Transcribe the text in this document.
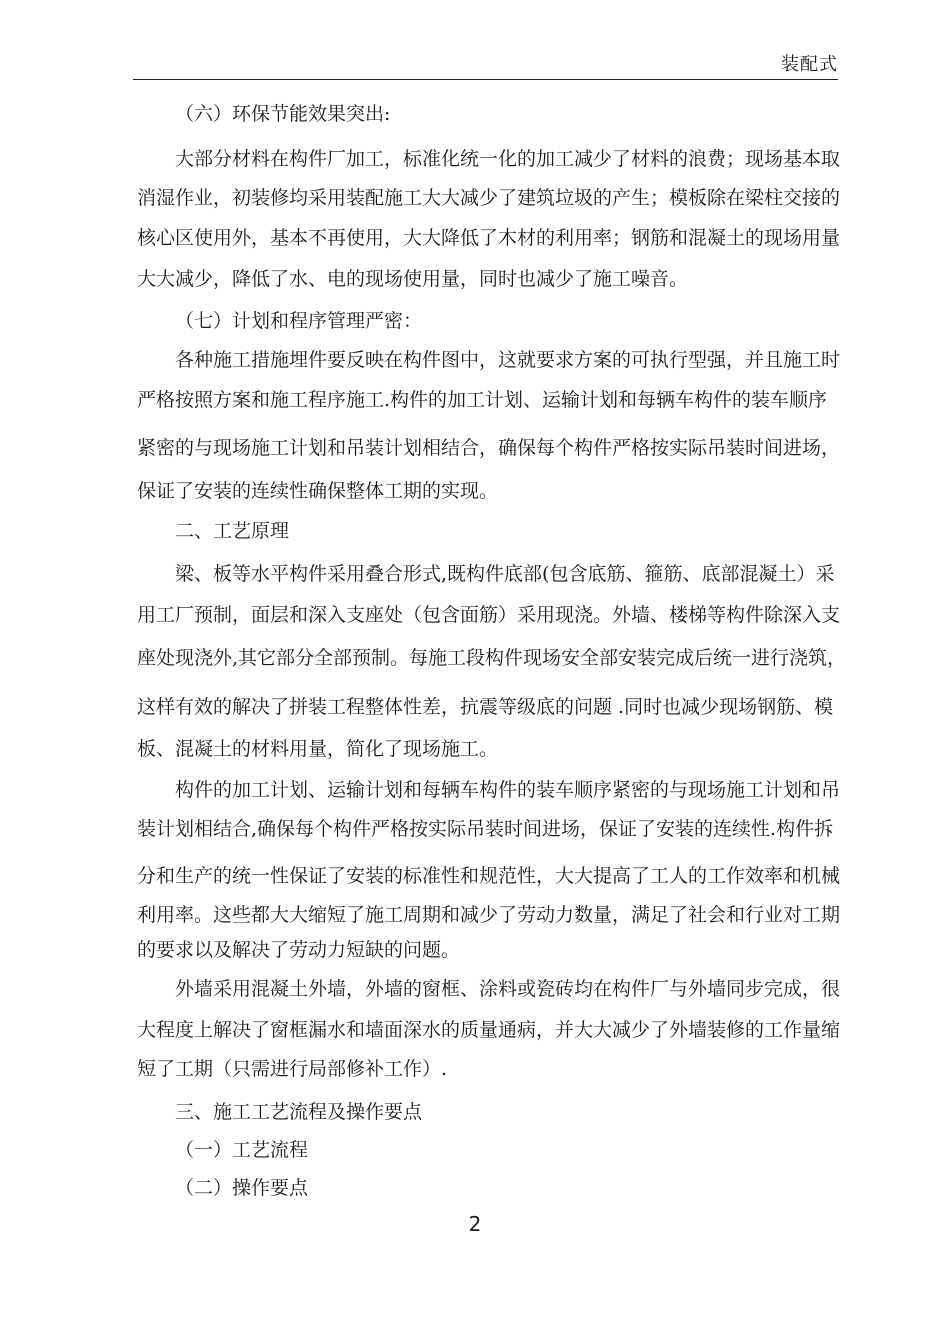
装配式
（六）环保节能效果突出:
大部分材料在构件厂加工，标准化统一化的加工减少了材料的浪费；现场基本取
消湿作业，初装修均采用装配施工大大减少了建筑垃圾的产生；模板除在梁柱交接的
核心区使用外，基本不再使用，大大降低了木材的利用率；钢筋和混凝土的现场用量
大大减少，降低了水、电的现场使用量，同时也减少了施工噪音。
（七）计划和程序管理严密：
各种施工措施埋件要反映在构件图中，这就要求方案的可执行型强，并且施工时
严格按照方案和施工程序施工.构件的加工计划、运输计划和每辆车构件的装车顺序
紧密的与现场施工计划和吊装计划相结合，确保每个构件严格按实际吊装时间进场，
保证了安装的连续性确保整体工期的实现。
二、工艺原理
梁、板等水平构件采用叠合形式,既构件底部(包含底筋、箍筋、底部混凝土）采
用工厂预制，面层和深入支座处（包含面筋）采用现浇。外墙、楼梯等构件除深入支
座处现浇外,其它部分全部预制。每施工段构件现场安全部安装完成后统一进行浇筑，
这样有效的解决了拼装工程整体性差，抗震等级底的问题 .同时也减少现场钢筋、模
板、混凝土的材料用量，简化了现场施工。
构件的加工计划、运输计划和每辆车构件的装车顺序紧密的与现场施工计划和吊
装计划相结合,确保每个构件严格按实际吊装时间进场，保证了安装的连续性.构件拆
分和生产的统一性保证了安装的标准性和规范性，大大提高了工人的工作效率和机械
利用率。这些都大大缩短了施工周期和减少了劳动力数量，满足了社会和行业对工期
的要求以及解决了劳动力短缺的问题。
外墙采用混凝土外墙，外墙的窗框、涂料或瓷砖均在构件厂与外墙同步完成，很
大程度上解决了窗框漏水和墙面深水的质量通病，并大大减少了外墙装修的工作量缩
短了工期（只需进行局部修补工作）.
三、施工工艺流程及操作要点
（一）工艺流程
（二）操作要点
2
